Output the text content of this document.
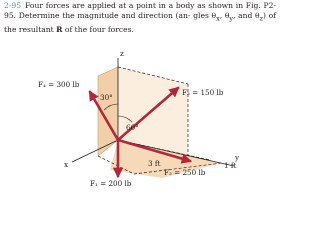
2-95 Four forces are applied at a point in a body as shown in Fig. P2-95. Determine the magnitude and direction (an- gles $\theta_x$, $\theta_y$, and $\theta_z$) of the resultant R of the four forces.

z
x
y
F₄ = 300 lb
F₃ = 150 lb
F₁ = 200 lb
F₂ = 250 lb
30°
60°
3 ft	1 ft
